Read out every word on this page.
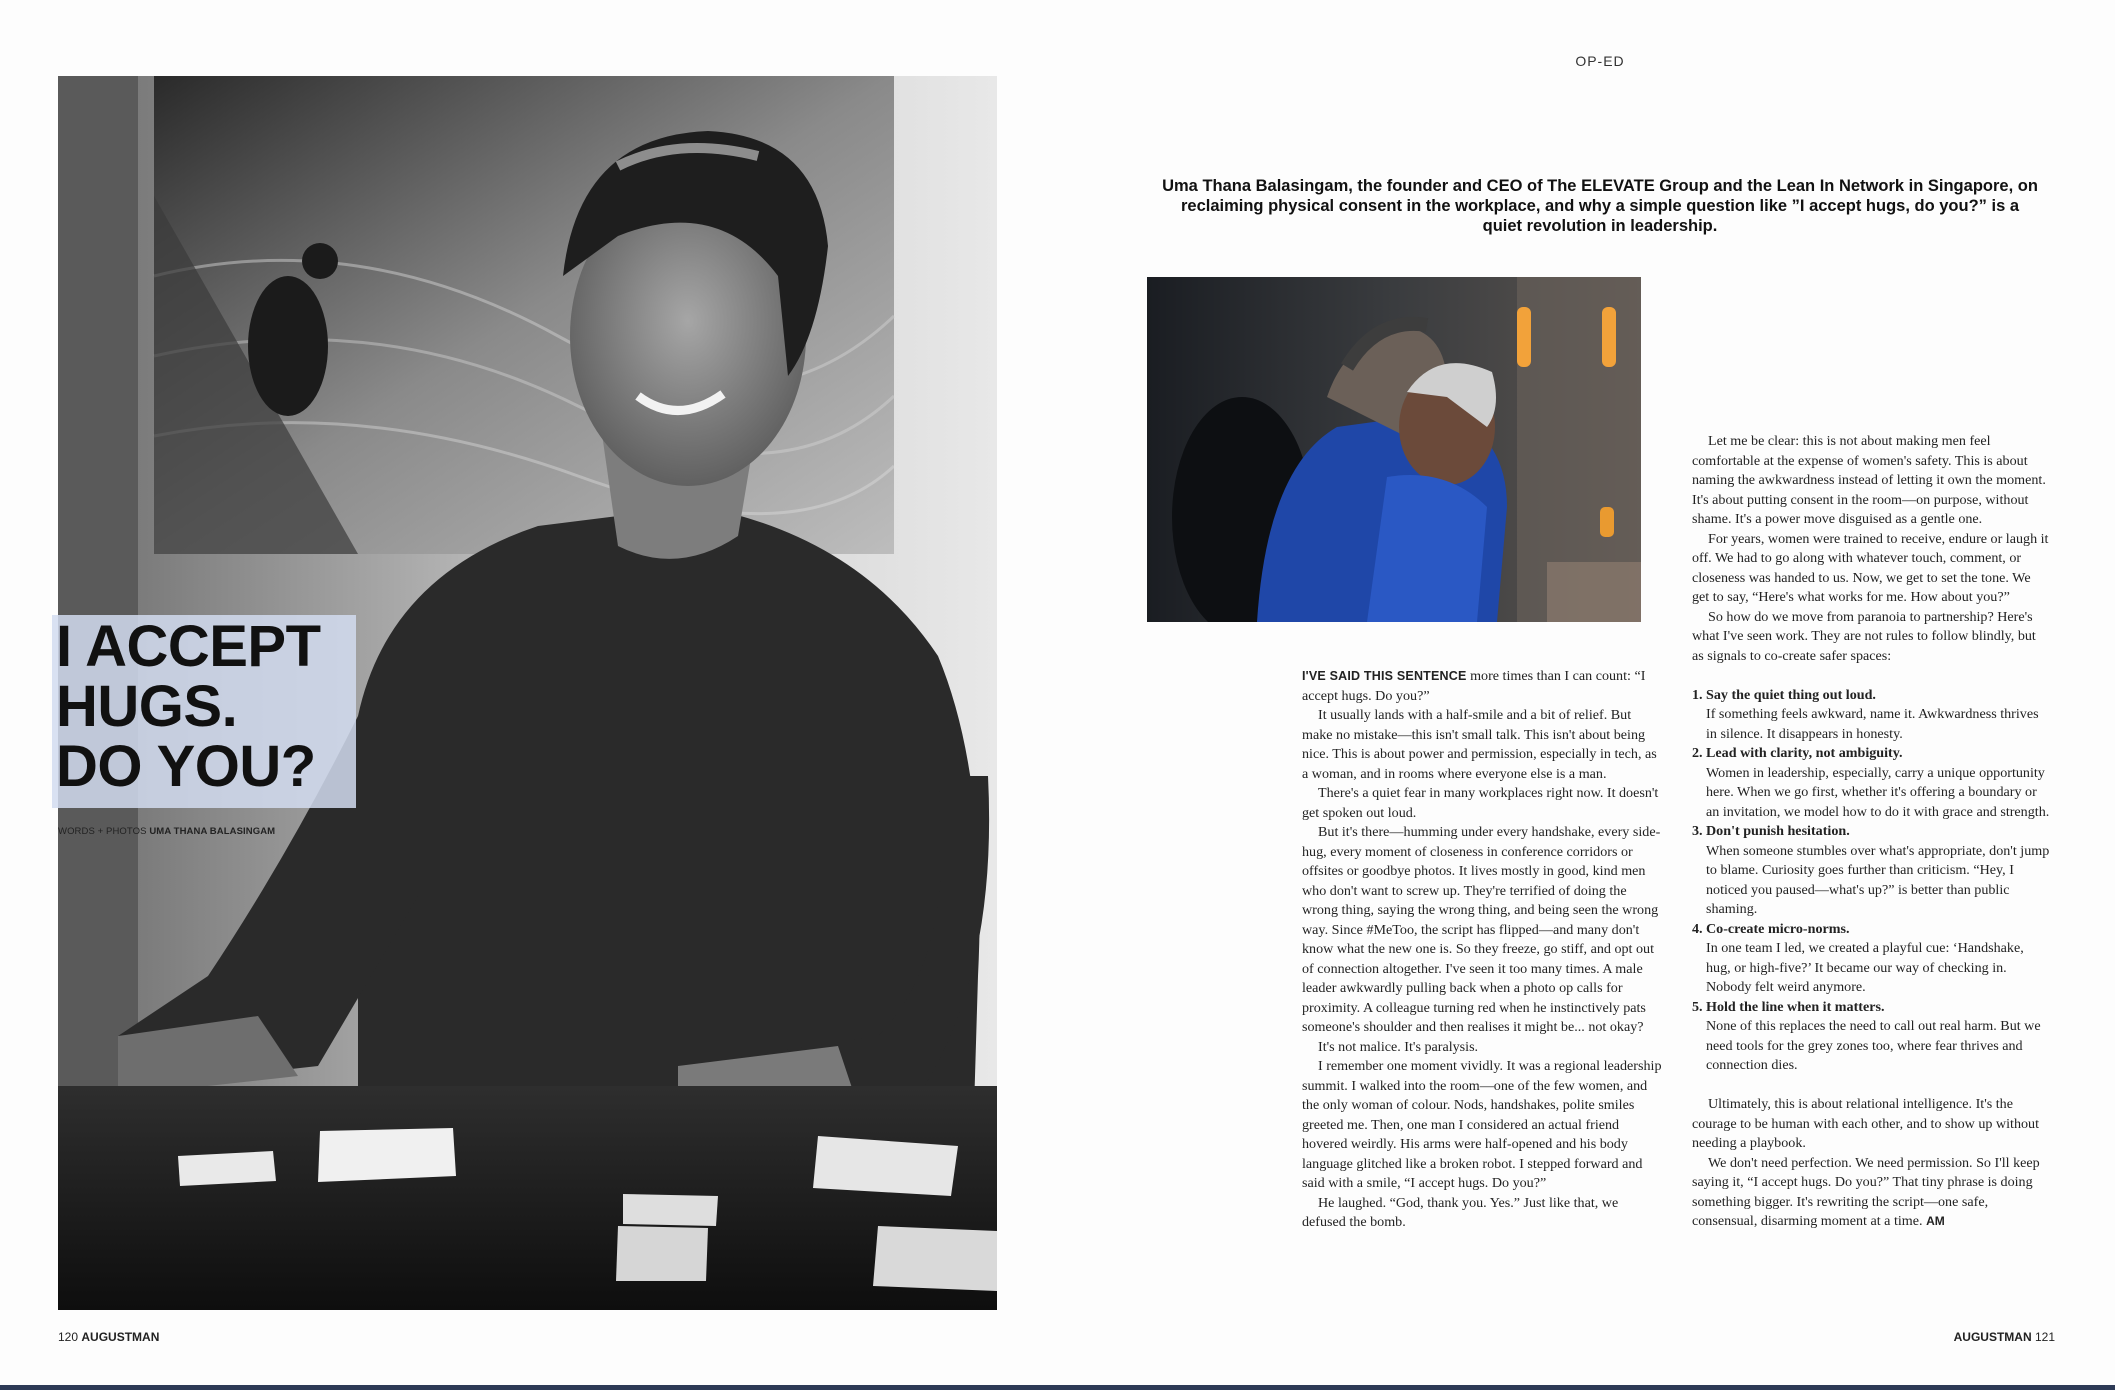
I ACCEPT
HUGS.
DO YOU?
WORDS + PHOTOS UMA THANA BALASINGAM
120 AUGUSTMAN
OP-ED
Uma Thana Balasingam, the founder and CEO of The ELEVATE Group and the Lean In Network in Singapore, on reclaiming physical consent in the workplace, and why a simple question like ”I accept hugs, do you?” is a quiet revolution in leadership.

I'VE SAID THIS SENTENCE more times than I can count: “I accept hugs. Do you?”

It usually lands with a half-smile and a bit of relief. But make no mistake—this isn't small talk. This isn't about being nice. This is about power and permission, especially in tech, as a woman, and in rooms where everyone else is a man.

There's a quiet fear in many workplaces right now. It doesn't get spoken out loud.

But it's there—humming under every handshake, every side-hug, every moment of closeness in conference corridors or offsites or goodbye photos. It lives mostly in good, kind men who don't want to screw up. They're terrified of doing the wrong thing, saying the wrong thing, and being seen the wrong way. Since #MeToo, the script has flipped—and many don't know what the new one is. So they freeze, go stiff, and opt out of connection altogether. I've seen it too many times. A male leader awkwardly pulling back when a photo op calls for proximity. A colleague turning red when he instinctively pats someone's shoulder and then realises it might be... not okay?

It's not malice. It's paralysis.

I remember one moment vividly. It was a regional leadership summit. I walked into the room—one of the few women, and the only woman of colour. Nods, handshakes, polite smiles greeted me. Then, one man I considered an actual friend hovered weirdly. His arms were half-opened and his body language glitched like a broken robot. I stepped forward and said with a smile, “I accept hugs. Do you?”

He laughed. “God, thank you. Yes.” Just like that, we defused the bomb.

Let me be clear: this is not about making men feel comfortable at the expense of women's safety. This is about naming the awkwardness instead of letting it own the moment. It's about putting consent in the room—on purpose, without shame. It's a power move disguised as a gentle one.

For years, women were trained to receive, endure or laugh it off. We had to go along with whatever touch, comment, or closeness was handed to us. Now, we get to set the tone. We get to say, “Here's what works for me. How about you?”

So how do we move from paranoia to partnership? Here's what I've seen work. They are not rules to follow blindly, but as signals to co-create safer spaces:

1. Say the quiet thing out loud.
If something feels awkward, name it. Awkwardness thrives in silence. It disappears in honesty.
2. Lead with clarity, not ambiguity.
Women in leadership, especially, carry a unique opportunity here. When we go first, whether it's offering a boundary or an invitation, we model how to do it with grace and strength.
3. Don't punish hesitation.
When someone stumbles over what's appropriate, don't jump to blame. Curiosity goes further than criticism. “Hey, I noticed you paused—what's up?” is better than public shaming.
4. Co-create micro-norms.
In one team I led, we created a playful cue: ‘Handshake, hug, or high-five?’ It became our way of checking in. Nobody felt weird anymore.
5. Hold the line when it matters.
None of this replaces the need to call out real harm. But we need tools for the grey zones too, where fear thrives and connection dies.

Ultimately, this is about relational intelligence. It's the courage to be human with each other, and to show up without needing a playbook.

We don't need perfection. We need permission. So I'll keep saying it, “I accept hugs. Do you?” That tiny phrase is doing something bigger. It's rewriting the script—one safe, consensual, disarming moment at a time. AM

AUGUSTMAN 121
